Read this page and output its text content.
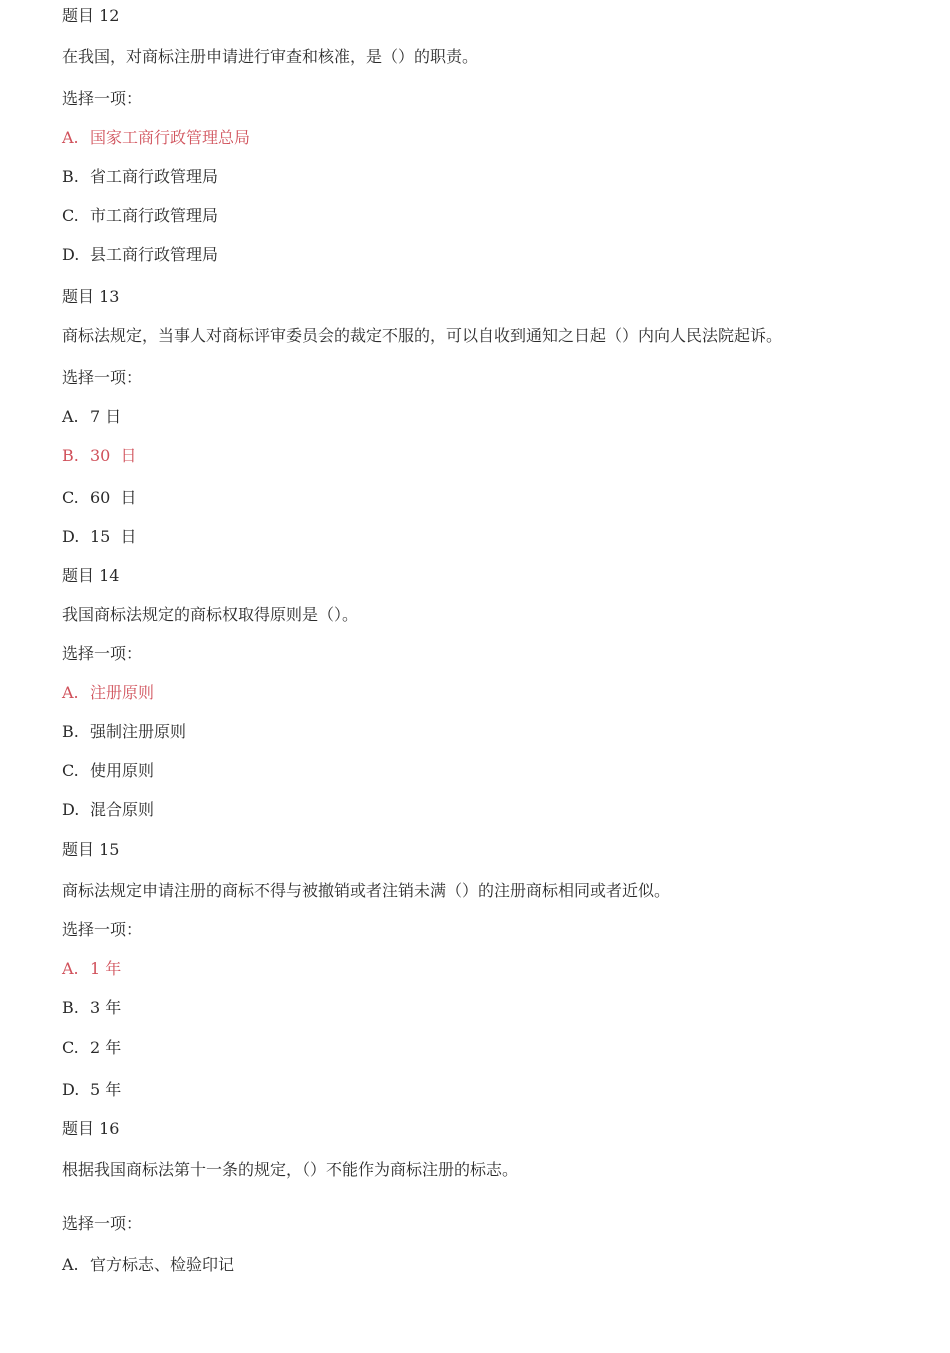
题目 12
在我国，对商标注册申请进行审查和核准，是（）的职责。
选择一项：
A. 国家工商行政管理总局
B. 省工商行政管理局
C. 市工商行政管理局
D. 县工商行政管理局
题目 13
商标法规定，当事人对商标评审委员会的裁定不服的，可以自收到通知之日起（）内向人民法院起诉。
选择一项：
A. 7 日
B. 30  日
C. 60  日
D. 15  日
题目 14
我国商标法规定的商标权取得原则是（）。
选择一项：
A. 注册原则
B. 强制注册原则
C. 使用原则
D. 混合原则
题目 15
商标法规定申请注册的商标不得与被撤销或者注销未满（）的注册商标相同或者近似。
选择一项：
A. 1 年
B. 3 年
C. 2 年
D. 5 年
题目 16
根据我国商标法第十一条的规定，（）不能作为商标注册的标志。
选择一项：
A. 官方标志、检验印记
